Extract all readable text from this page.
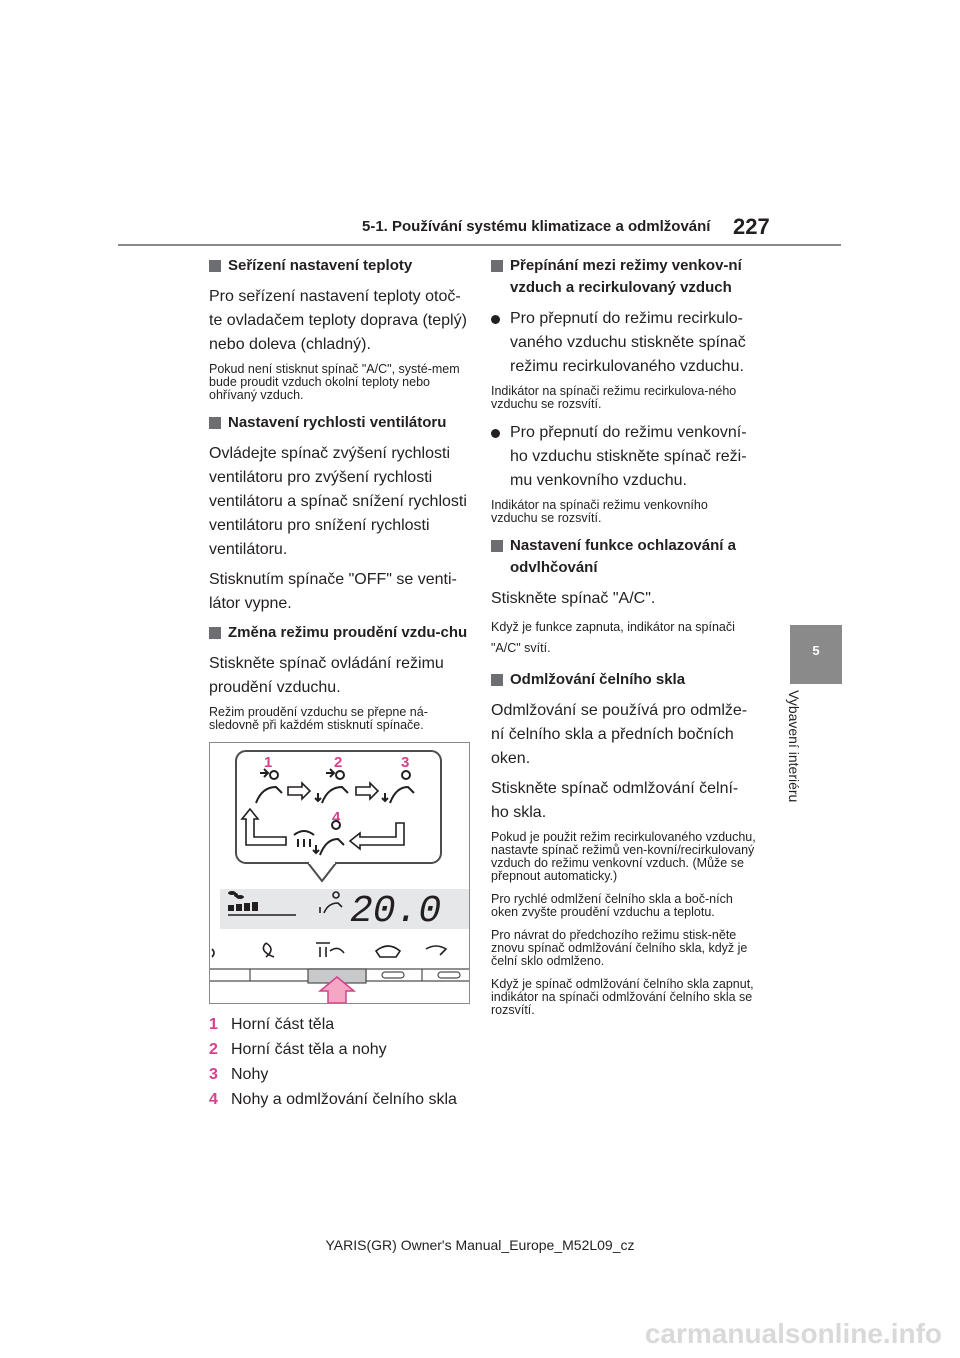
5-1. Používání systému klimatizace a odmlžování 227
5
Vybavení interiéru
Seřízení nastavení teploty
Pro seřízení nastavení teploty otoč-te ovladačem teploty doprava (teplý) nebo doleva (chladný).
Pokud není stisknut spínač "A/C", systé-mem bude proudit vzduch okolní teploty nebo ohřívaný vzduch.
Nastavení rychlosti ventilátoru
Ovládejte spínač zvýšení rychlosti ventilátoru pro zvýšení rychlosti ventilátoru a spínač snížení rychlosti ventilátoru pro snížení rychlosti ventilátoru.
Stisknutím spínače "OFF" se venti-látor vypne.
Změna režimu proudění vzdu-chu
Stiskněte spínač ovládání režimu proudění vzduchu.
Režim proudění vzduchu se přepne ná-sledovně při každém stisknutí spínače.
1	2	3
4
20.0
1 Horní část těla
2 Horní část těla a nohy
3 Nohy
4 Nohy a odmlžování čelního skla
Přepínání mezi režimy venkov-ní vzduch a recirkulovaný vzduch
Pro přepnutí do režimu recirkulo-vaného vzduchu stiskněte spínač režimu recirkulovaného vzduchu.
Indikátor na spínači režimu recirkulova-ného vzduchu se rozsvítí.
Pro přepnutí do režimu venkovní-ho vzduchu stiskněte spínač reži-mu venkovního vzduchu.
Indikátor na spínači režimu venkovního vzduchu se rozsvítí.
Nastavení funkce ochlazování a odvlhčování
Stiskněte spínač "A/C".
Když je funkce zapnuta, indikátor na spínači "A/C" svítí.
Odmlžování čelního skla
Odmlžování se používá pro odmlže-ní čelního skla a předních bočních oken.
Stiskněte spínač odmlžování čelní-ho skla.
Pokud je použit režim recirkulovaného vzduchu, nastavte spínač režimů ven-kovní/recirkulovaný vzduch do režimu venkovní vzduch. (Může se přepnout automaticky.)
Pro rychlé odmlžení čelního skla a boč-ních oken zvyšte proudění vzduchu a teplotu.
Pro návrat do předchozího režimu stisk-něte znovu spínač odmlžování čelního skla, když je čelní sklo odmlženo.
Když je spínač odmlžování čelního skla zapnut, indikátor na spínači odmlžování čelního skla se rozsvítí.
YARIS(GR) Owner's Manual_Europe_M52L09_cz
carmanualsonline.info
